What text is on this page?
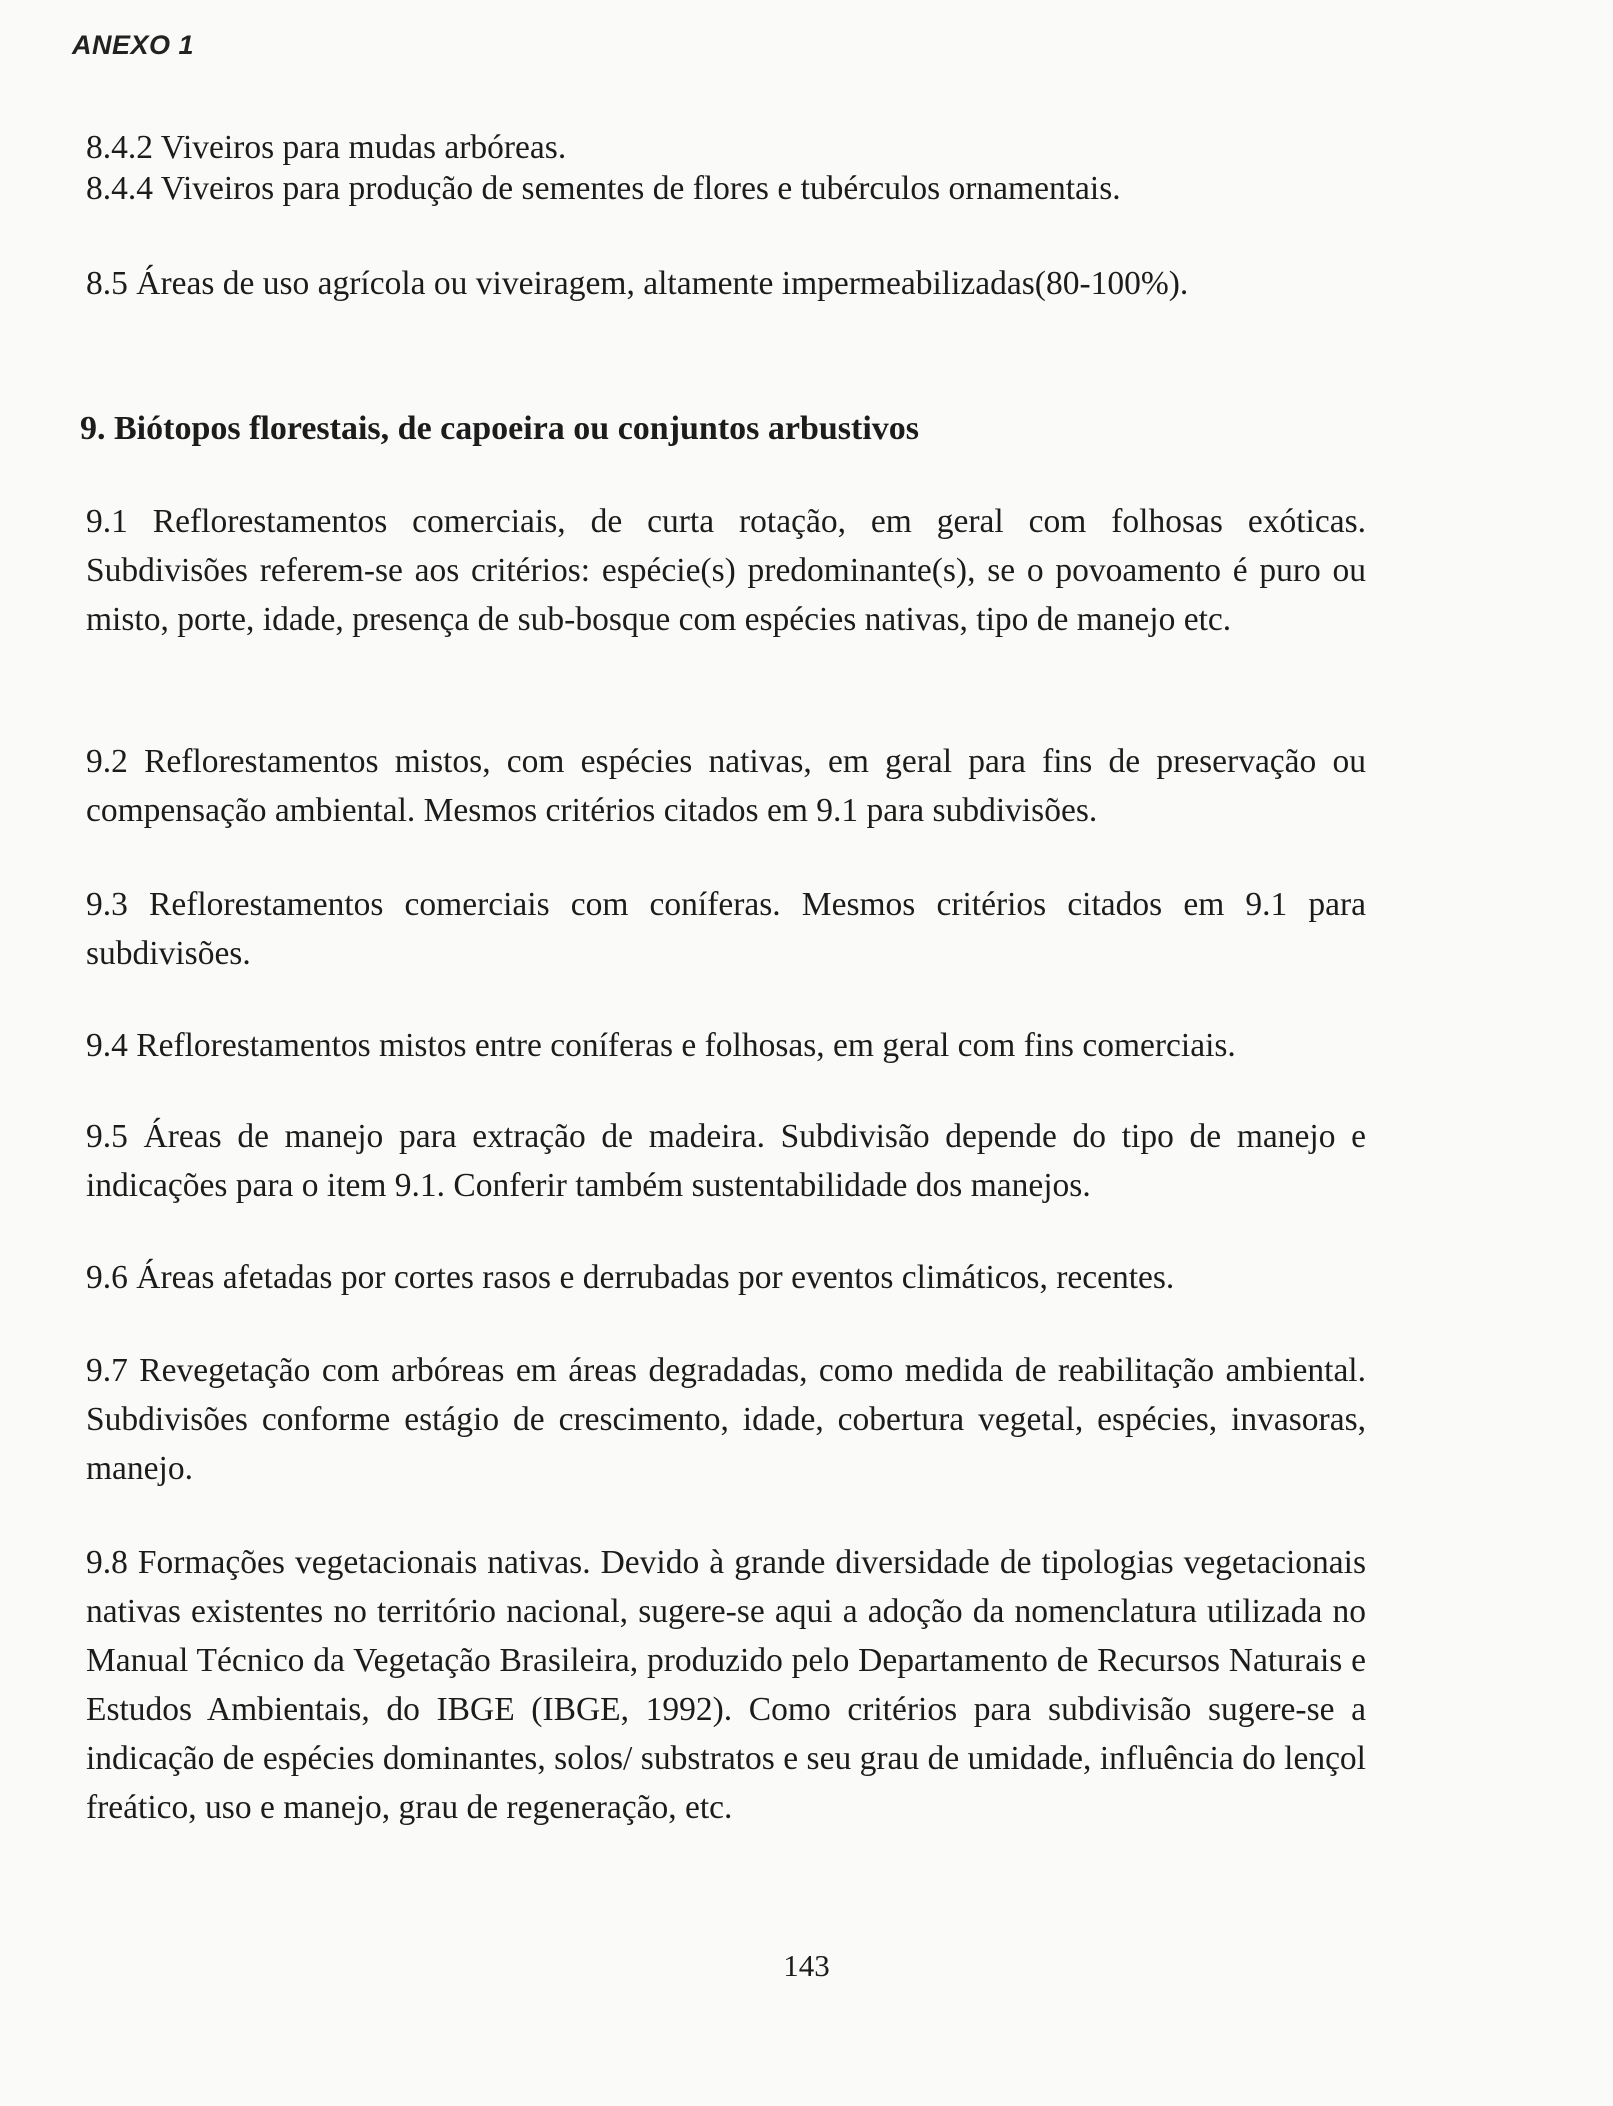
ANEXO 1
8.4.2 Viveiros para mudas arbóreas.
8.4.4 Viveiros para produção de sementes de flores e tubérculos ornamentais.
8.5 Áreas de uso agrícola ou viveiragem, altamente impermeabilizadas(80-100%).
9. Biótopos florestais, de capoeira ou conjuntos arbustivos
9.1 Reflorestamentos comerciais, de curta rotação, em geral com folhosas exóticas. Subdivisões referem-se aos critérios: espécie(s) predominante(s), se o povoamento é puro ou misto, porte, idade, presença de sub-bosque com espécies nativas, tipo de manejo etc.
9.2 Reflorestamentos mistos, com espécies nativas, em geral para fins de preservação ou compensação ambiental. Mesmos critérios citados em 9.1 para subdivisões.
9.3 Reflorestamentos comerciais com coníferas. Mesmos critérios citados em 9.1 para subdivisões.
9.4 Reflorestamentos mistos entre coníferas e folhosas, em geral com fins comerciais.
9.5 Áreas de manejo para extração de madeira. Subdivisão depende do tipo de manejo e indicações para o item 9.1. Conferir também sustentabilidade dos manejos.
9.6 Áreas afetadas por cortes rasos e derrubadas por eventos climáticos, recentes.
9.7 Revegetação com arbóreas em áreas degradadas, como medida de reabilitação ambiental. Subdivisões conforme estágio de crescimento, idade, cobertura vegetal, espécies, invasoras, manejo.
9.8 Formações vegetacionais nativas. Devido à grande diversidade de tipologias vegetacionais nativas existentes no território nacional, sugere-se aqui a adoção da nomenclatura utilizada no Manual Técnico da Vegetação Brasileira, produzido pelo Departamento de Recursos Naturais e Estudos Ambientais, do IBGE (IBGE, 1992). Como critérios para subdivisão sugere-se a indicação de espécies dominantes, solos/ substratos e seu grau de umidade, influência do lençol freático, uso e manejo, grau de regeneração, etc.
143
